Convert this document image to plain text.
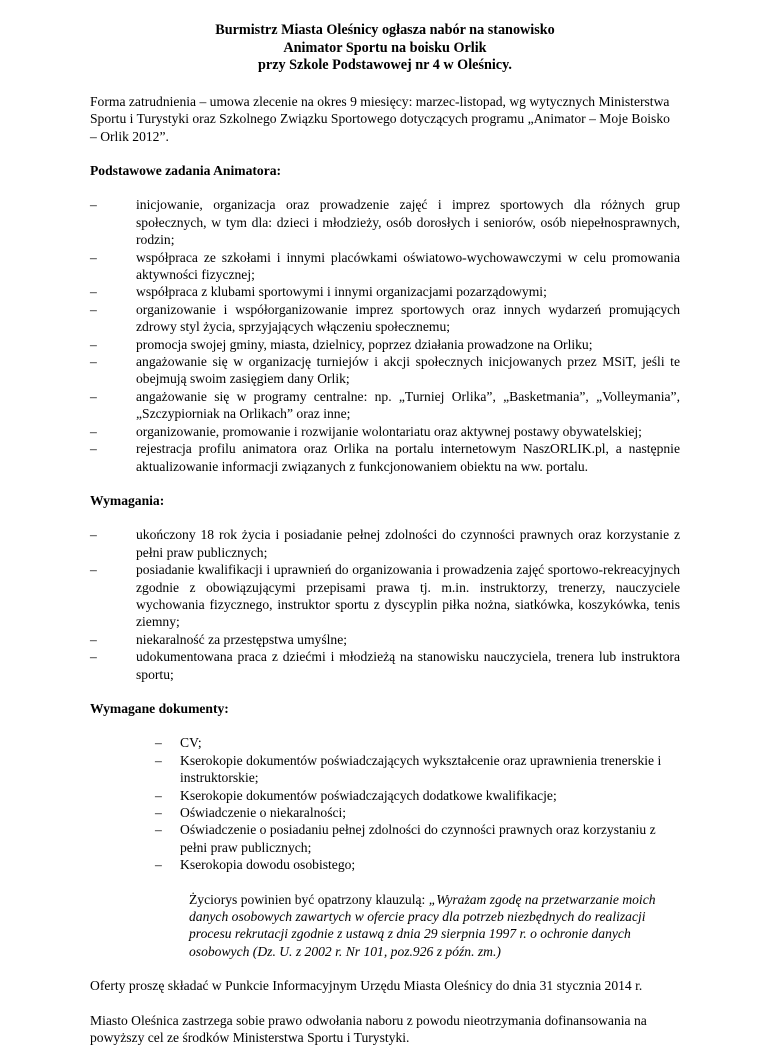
Burmistrz Miasta Oleśnicy ogłasza nabór na stanowisko
Animator Sportu na boisku Orlik
przy Szkole Podstawowej nr 4 w Oleśnicy.

Forma zatrudnienia – umowa zlecenie na okres 9 miesięcy: marzec-listopad, wg wytycznych Ministerstwa Sportu i Turystyki oraz Szkolnego Związku Sportowego dotyczących programu „Animator – Moje Boisko – Orlik 2012”.

Podstawowe zadania Animatora:

–	inicjowanie, organizacja oraz prowadzenie zajęć i imprez sportowych dla różnych grup społecznych, w tym dla: dzieci i młodzieży, osób dorosłych i seniorów, osób niepełnosprawnych, rodzin;
–	współpraca ze szkołami i innymi placówkami oświatowo-wychowawczymi w celu promowania aktywności fizycznej;
–	współpraca z klubami sportowymi i innymi organizacjami pozarządowymi;
–	organizowanie i współorganizowanie imprez sportowych oraz innych wydarzeń promujących zdrowy styl życia, sprzyjających włączeniu społecznemu;
–	promocja swojej gminy, miasta, dzielnicy, poprzez działania prowadzone na Orliku;
–	angażowanie się w organizację turniejów i akcji społecznych inicjowanych przez MSiT, jeśli te obejmują swoim zasięgiem dany Orlik;
–	angażowanie się w programy centralne: np. „Turniej Orlika”, „Basketmania”, „Volleymania”, „Szczypiorniak na Orlikach” oraz inne;
–	organizowanie, promowanie i rozwijanie wolontariatu oraz aktywnej postawy obywatelskiej;
–	rejestracja profilu animatora oraz Orlika na portalu internetowym NaszORLIK.pl, a następnie aktualizowanie informacji związanych z funkcjonowaniem obiektu na ww. portalu.

Wymagania:

–	ukończony 18 rok życia i posiadanie pełnej zdolności do czynności prawnych oraz korzystanie z pełni praw publicznych;
–	posiadanie kwalifikacji i uprawnień do organizowania i prowadzenia zajęć sportowo-rekreacyjnych zgodnie z obowiązującymi przepisami prawa tj. m.in. instruktorzy, trenerzy, nauczyciele wychowania fizycznego, instruktor sportu z dyscyplin piłka nożna, siatkówka, koszykówka, tenis ziemny;
–	niekaralność za przestępstwa umyślne;
–	udokumentowana praca z dziećmi i młodzieżą na stanowisku nauczyciela, trenera lub instruktora sportu;

Wymagane dokumenty:

– CV;
– Kserokopie dokumentów poświadczających wykształcenie oraz uprawnienia trenerskie i instruktorskie;
– Kserokopie dokumentów poświadczających dodatkowe kwalifikacje;
– Oświadczenie o niekaralności;
– Oświadczenie o posiadaniu pełnej zdolności do czynności prawnych oraz korzystaniu z pełni praw publicznych;
– Kserokopia dowodu osobistego;

Życiorys powinien być opatrzony klauzulą: „Wyrażam zgodę na przetwarzanie moich danych osobowych zawartych w ofercie pracy dla potrzeb niezbędnych do realizacji procesu rekrutacji zgodnie z ustawą z dnia 29 sierpnia 1997 r. o ochronie danych osobowych (Dz. U. z 2002 r. Nr 101, poz.926 z późn. zm.)

Oferty proszę składać w Punkcie Informacyjnym Urzędu Miasta Oleśnicy do dnia 31 stycznia 2014 r.

Miasto Oleśnica zastrzega sobie prawo odwołania naboru z powodu nieotrzymania dofinansowania na powyższy cel ze środków Ministerstwa Sportu i Turystyki.
